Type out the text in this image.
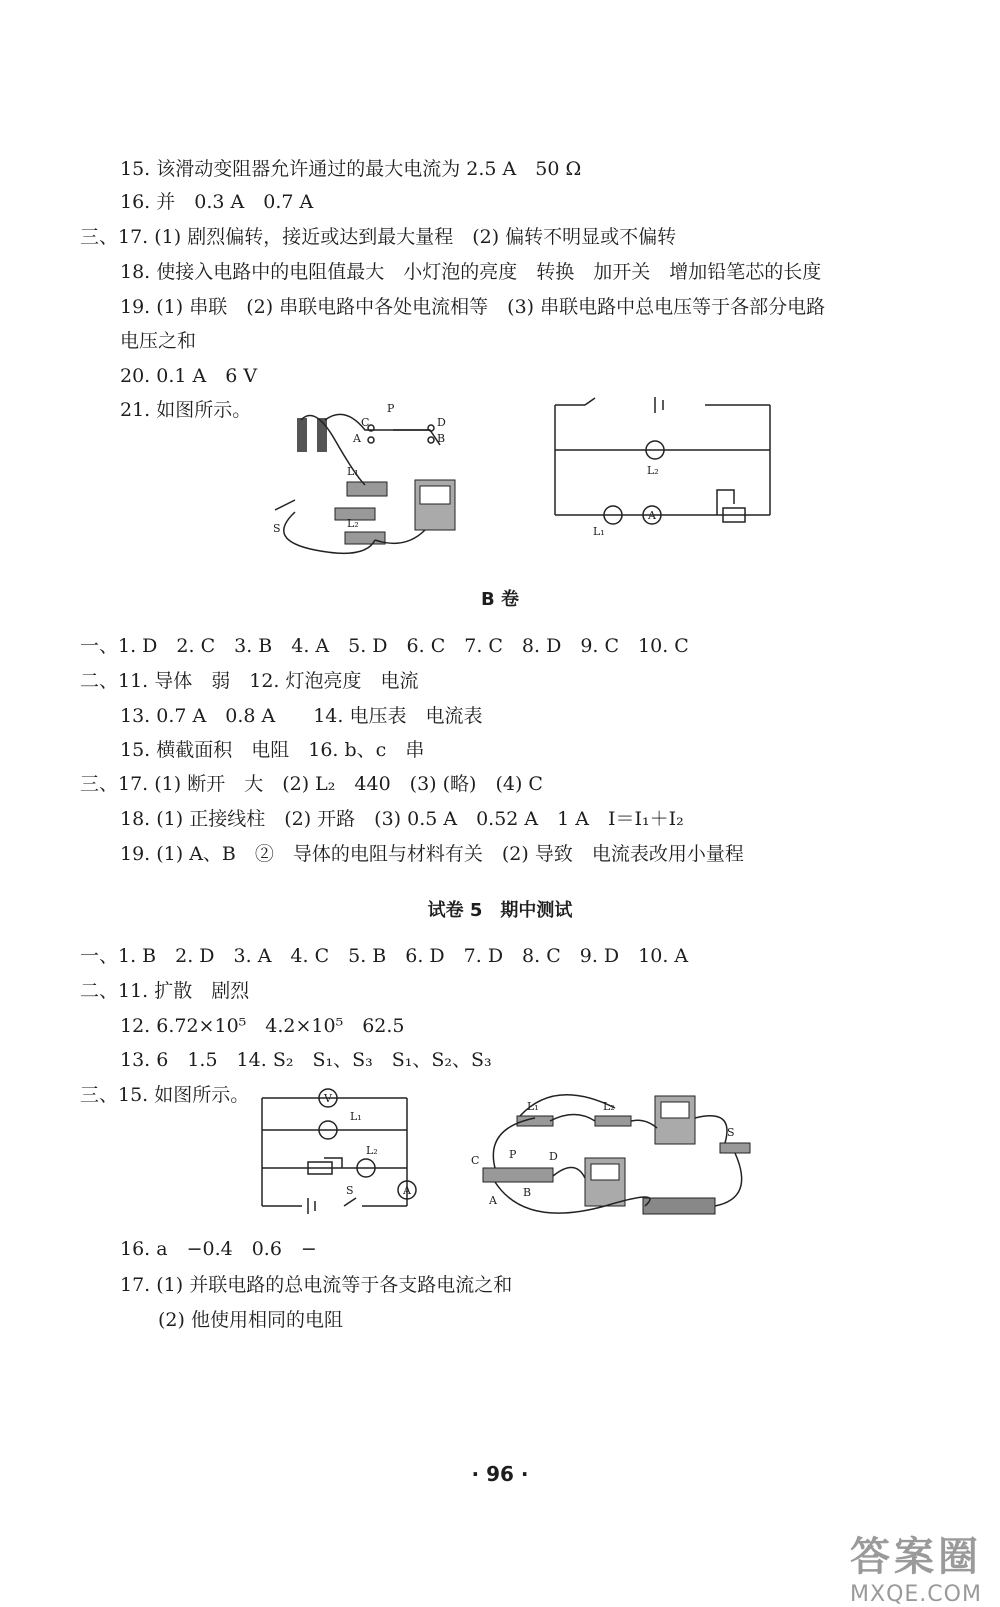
15. 该滑动变阻器允许通过的最大电流为 2.5 A　50 Ω
16. 并　0.3 A　0.7 A
三、17. (1) 剧烈偏转，接近或达到最大量程　(2) 偏转不明显或不偏转
18. 使接入电路中的电阻值最大　小灯泡的亮度　转换　加开关　增加铅笔芯的长度
19. (1) 串联　(2) 串联电路中各处电流相等　(3) 串联电路中总电压等于各部分电路
电压之和
20. 0.1 A　6 V
21. 如图所示。	P
C	D
A	B
L₁
L₂
S
L₂
L₁
A
B 卷
一、1. D　2. C　3. B　4. A　5. D　6. C　7. C　8. D　9. C　10. C
二、11. 导体　弱　12. 灯泡亮度　电流
13. 0.7 A　0.8 A　　14. 电压表　电流表
15. 横截面积　电阻　16. b、c　串
三、17. (1) 断开　大　(2) L₂　440　(3) (略)　(4) C
18. (1) 正接线柱　(2) 开路　(3) 0.5 A　0.52 A　1 A　I＝I₁＋I₂
19. (1) A、B　②　导体的电阻与材料有关　(2) 导致　电流表改用小量程
试卷 5　期中测试
一、1. B　2. D　3. A　4. C　5. B　6. D　7. D　8. C　9. D　10. A
二、11. 扩散　剧烈
12. 6.72×10⁵　4.2×10⁵　62.5
13. 6　1.5　14. S₂　S₁、S₃　S₁、S₂、S₃
三、15. 如图所示。	V
L₁
L₂
A
S
L₁	L₂
S
C	P	D
A
B
16. a　−0.4　0.6　−
17. (1) 并联电路的总电流等于各支路电流之和
(2) 他使用相同的电阻
· 96 ·
答案圈
MXQE.COM
